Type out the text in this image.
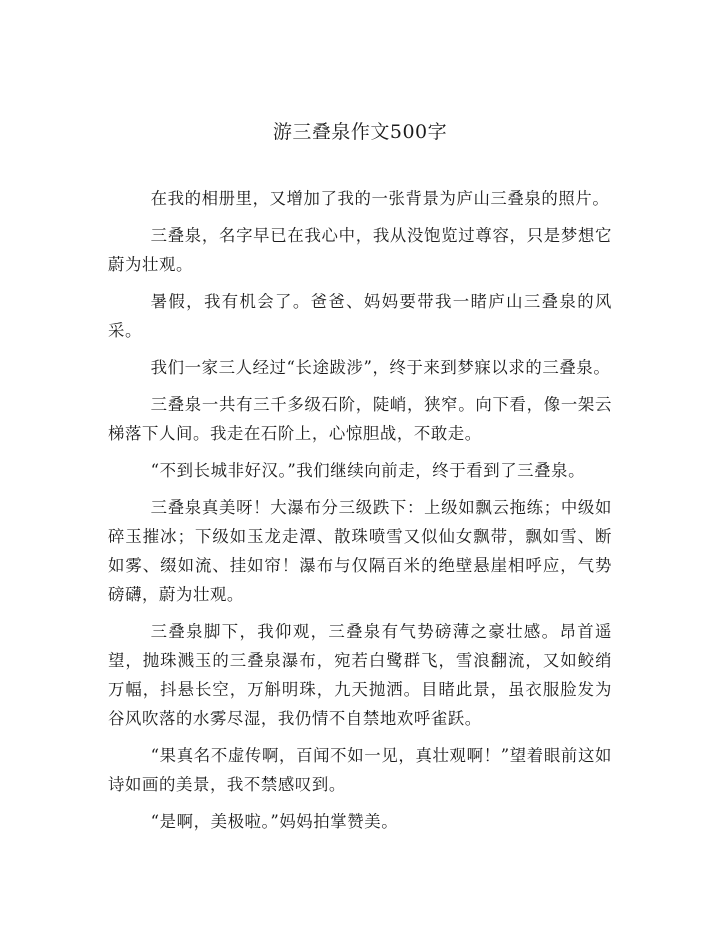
游三叠泉作文500字

在我的相册里，又增加了我的一张背景为庐山三叠泉的照片。

三叠泉，名字早已在我心中，我从没饱览过尊容，只是梦想它蔚为壮观。

暑假，我有机会了。爸爸、妈妈要带我一睹庐山三叠泉的风采。

我们一家三人经过“长途跋涉”，终于来到梦寐以求的三叠泉。

三叠泉一共有三千多级石阶，陡峭，狭窄。向下看，像一架云梯落下人间。我走在石阶上，心惊胆战，不敢走。

“不到长城非好汉。”我们继续向前走，终于看到了三叠泉。

三叠泉真美呀！大瀑布分三级跌下：上级如飘云拖练；中级如碎玉摧冰；下级如玉龙走潭、散珠喷雪又似仙女飘带，飘如雪、断如雾、缀如流、挂如帘！瀑布与仅隔百米的绝壁悬崖相呼应，气势磅礴，蔚为壮观。

三叠泉脚下，我仰观，三叠泉有气势磅薄之豪壮感。昂首遥望，抛珠溅玉的三叠泉瀑布，宛若白鹭群飞，雪浪翻流，又如鲛绡万幅，抖悬长空，万斛明珠，九天抛洒。目睹此景，虽衣服脸发为谷风吹落的水雾尽湿，我仍情不自禁地欢呼雀跃。

“果真名不虚传啊，百闻不如一见，真壮观啊！”望着眼前这如诗如画的美景，我不禁感叹到。

“是啊，美极啦。”妈妈拍掌赞美。
